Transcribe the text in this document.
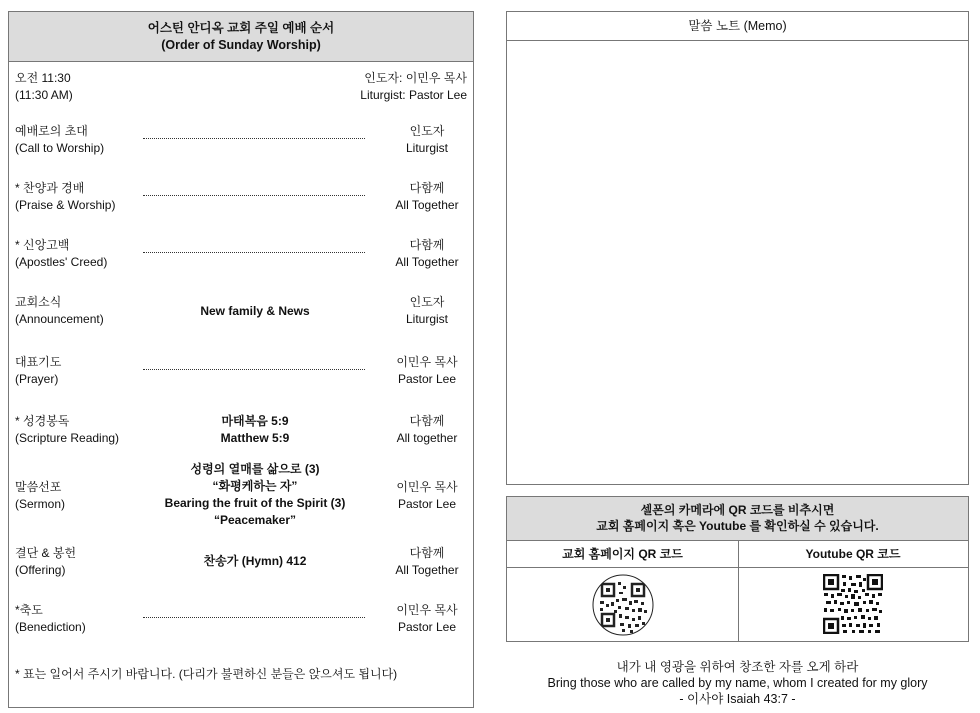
어스틴 안디옥 교회 주일 예배 순서
(Order of Sunday Worship)
오전 11:30
(11:30 AM)
인도자: 이민우 목사
Liturgist: Pastor Lee
예배로의 초대
(Call to Worship)
인도자
Liturgist
* 찬양과 경배
(Praise & Worship)
다함께
All Together
* 신앙고백
(Apostles' Creed)
다함께
All Together
교회소식
(Announcement)
New family & News
인도자
Liturgist
대표기도
(Prayer)
이민우 목사
Pastor Lee
* 성경봉독
(Scripture Reading)
마태복음 5:9
Matthew 5:9
다함께
All together
말씀선포
(Sermon)
성령의 열매를 삶으로 (3)
“화평케하는 자”
Bearing the fruit of the Spirit (3)
“Peacemaker”
이민우 목사
Pastor Lee
결단 & 봉헌
(Offering)
찬송가 (Hymn) 412
다함께
All Together
*축도
(Benediction)
이민우 목사
Pastor Lee
* 표는 일어서 주시기 바랍니다. (다리가 불편하신 분들은 앉으셔도 됩니다)
말씀 노트 (Memo)
셀폰의 카메라에 QR 코드를 비추시면
교회 홈페이지 혹은 Youtube 를 확인하실 수 있습니다.
교회 홈페이지 QR 코드	Youtube QR 코드
내가 내 영광을 위하여 창조한 자를 오게 하라
Bring those who are called by my name, whom I created for my glory
- 이사야 Isaiah 43:7 -
